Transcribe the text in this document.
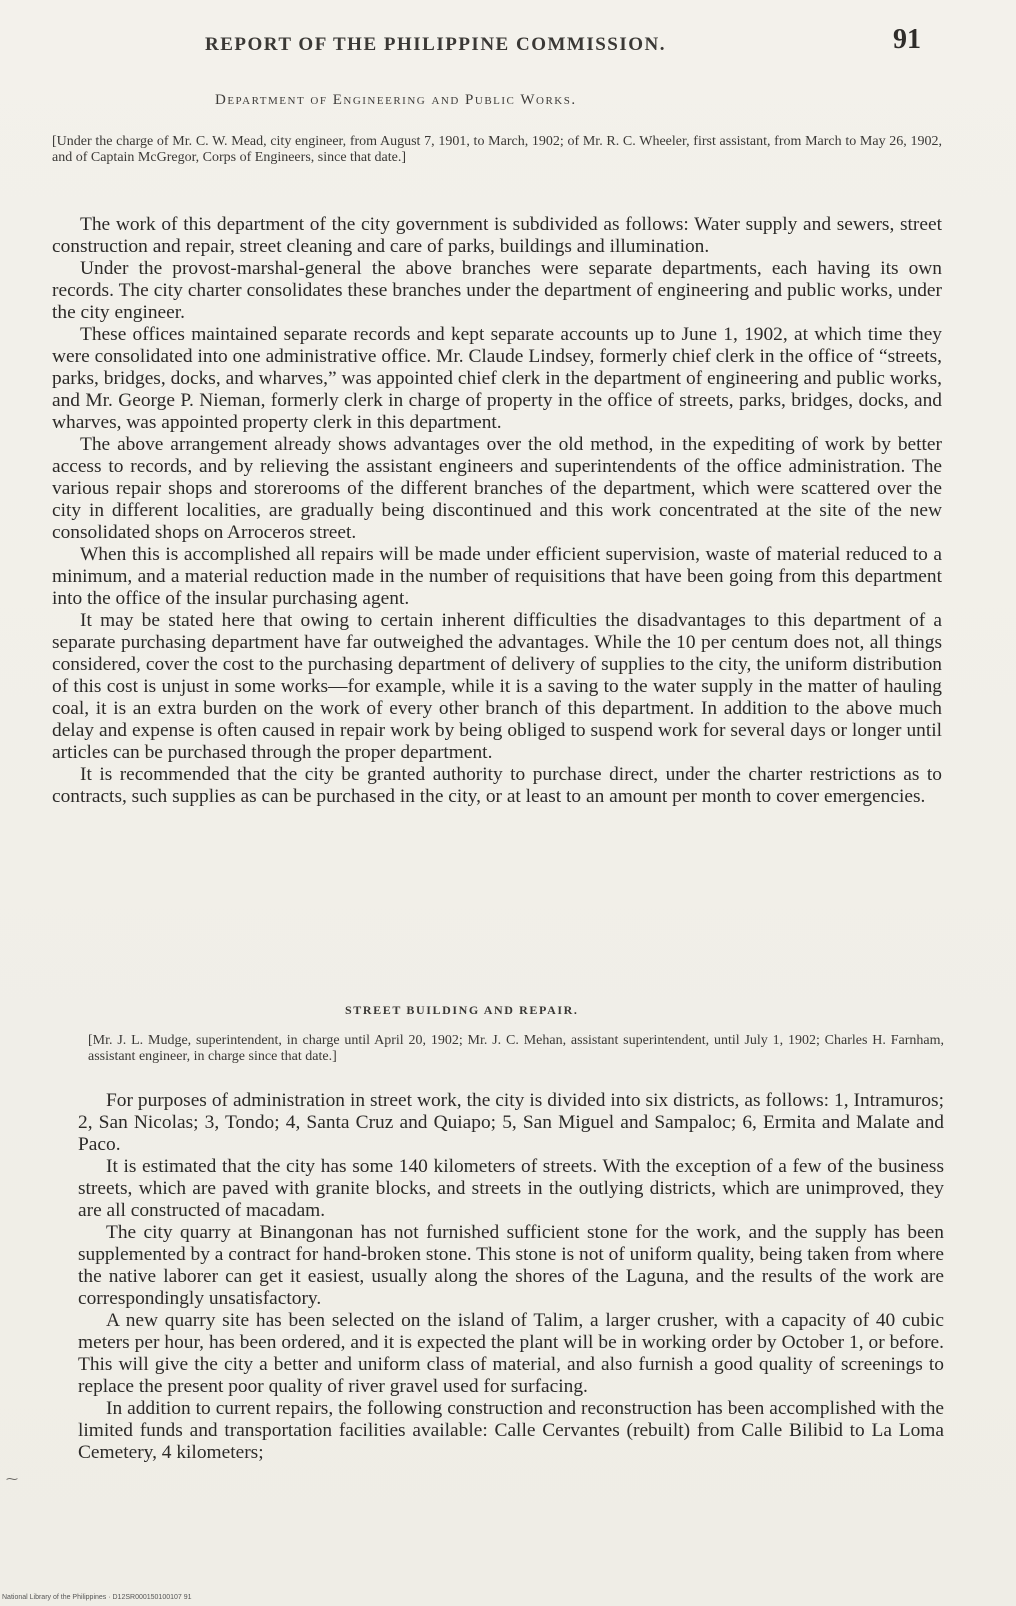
REPORT OF THE PHILIPPINE COMMISSION.	91
Department of Engineering and Public Works.
[Under the charge of Mr. C. W. Mead, city engineer, from August 7, 1901, to March, 1902; of Mr. R. C. Wheeler, first assistant, from March to May 26, 1902, and of Captain McGregor, Corps of Engineers, since that date.]

The work of this department of the city government is subdivided as follows: Water supply and sewers, street construction and repair, street cleaning and care of parks, buildings and illumination.

Under the provost-marshal-general the above branches were separate departments, each having its own records. The city charter consolidates these branches under the department of engineering and public works, under the city engineer.

These offices maintained separate records and kept separate accounts up to June 1, 1902, at which time they were consolidated into one administrative office. Mr. Claude Lindsey, formerly chief clerk in the office of “streets, parks, bridges, docks, and wharves,” was appointed chief clerk in the department of engineering and public works, and Mr. George P. Nieman, formerly clerk in charge of property in the office of streets, parks, bridges, docks, and wharves, was appointed property clerk in this department.

The above arrangement already shows advantages over the old method, in the expediting of work by better access to records, and by relieving the assistant engineers and superintendents of the office administration. The various repair shops and storerooms of the different branches of the department, which were scattered over the city in different localities, are gradually being discontinued and this work concentrated at the site of the new consolidated shops on Arroceros street.

When this is accomplished all repairs will be made under efficient supervision, waste of material reduced to a minimum, and a material reduction made in the number of requisitions that have been going from this department into the office of the insular purchasing agent.

It may be stated here that owing to certain inherent difficulties the disadvantages to this department of a separate purchasing department have far outweighed the advantages. While the 10 per centum does not, all things considered, cover the cost to the purchasing department of delivery of supplies to the city, the uniform distribution of this cost is unjust in some works—for example, while it is a saving to the water supply in the matter of hauling coal, it is an extra burden on the work of every other branch of this department. In addition to the above much delay and expense is often caused in repair work by being obliged to suspend work for several days or longer until articles can be purchased through the proper department.

It is recommended that the city be granted authority to purchase direct, under the charter restrictions as to contracts, such supplies as can be purchased in the city, or at least to an amount per month to cover emergencies.

STREET BUILDING AND REPAIR.
[Mr. J. L. Mudge, superintendent, in charge until April 20, 1902; Mr. J. C. Mehan, assistant superintendent, until July 1, 1902; Charles H. Farnham, assistant engineer, in charge since that date.]

For purposes of administration in street work, the city is divided into six districts, as follows: 1, Intramuros; 2, San Nicolas; 3, Tondo; 4, Santa Cruz and Quiapo; 5, San Miguel and Sampaloc; 6, Ermita and Malate and Paco.

It is estimated that the city has some 140 kilometers of streets. With the exception of a few of the business streets, which are paved with granite blocks, and streets in the outlying districts, which are unimproved, they are all constructed of macadam.

The city quarry at Binangonan has not furnished sufficient stone for the work, and the supply has been supplemented by a contract for hand-broken stone. This stone is not of uniform quality, being taken from where the native laborer can get it easiest, usually along the shores of the Laguna, and the results of the work are correspondingly unsatisfactory.

A new quarry site has been selected on the island of Talim, a larger crusher, with a capacity of 40 cubic meters per hour, has been ordered, and it is expected the plant will be in working order by October 1, or before. This will give the city a better and uniform class of material, and also furnish a good quality of screenings to replace the present poor quality of river gravel used for surfacing.

In addition to current repairs, the following construction and reconstruction has been accomplished with the limited funds and transportation facilities available: Calle Cervantes (rebuilt) from Calle Bilibid to La Loma Cemetery, 4 kilometers;

⁓
National Library of the Philippines · D12SR000150100107 91
